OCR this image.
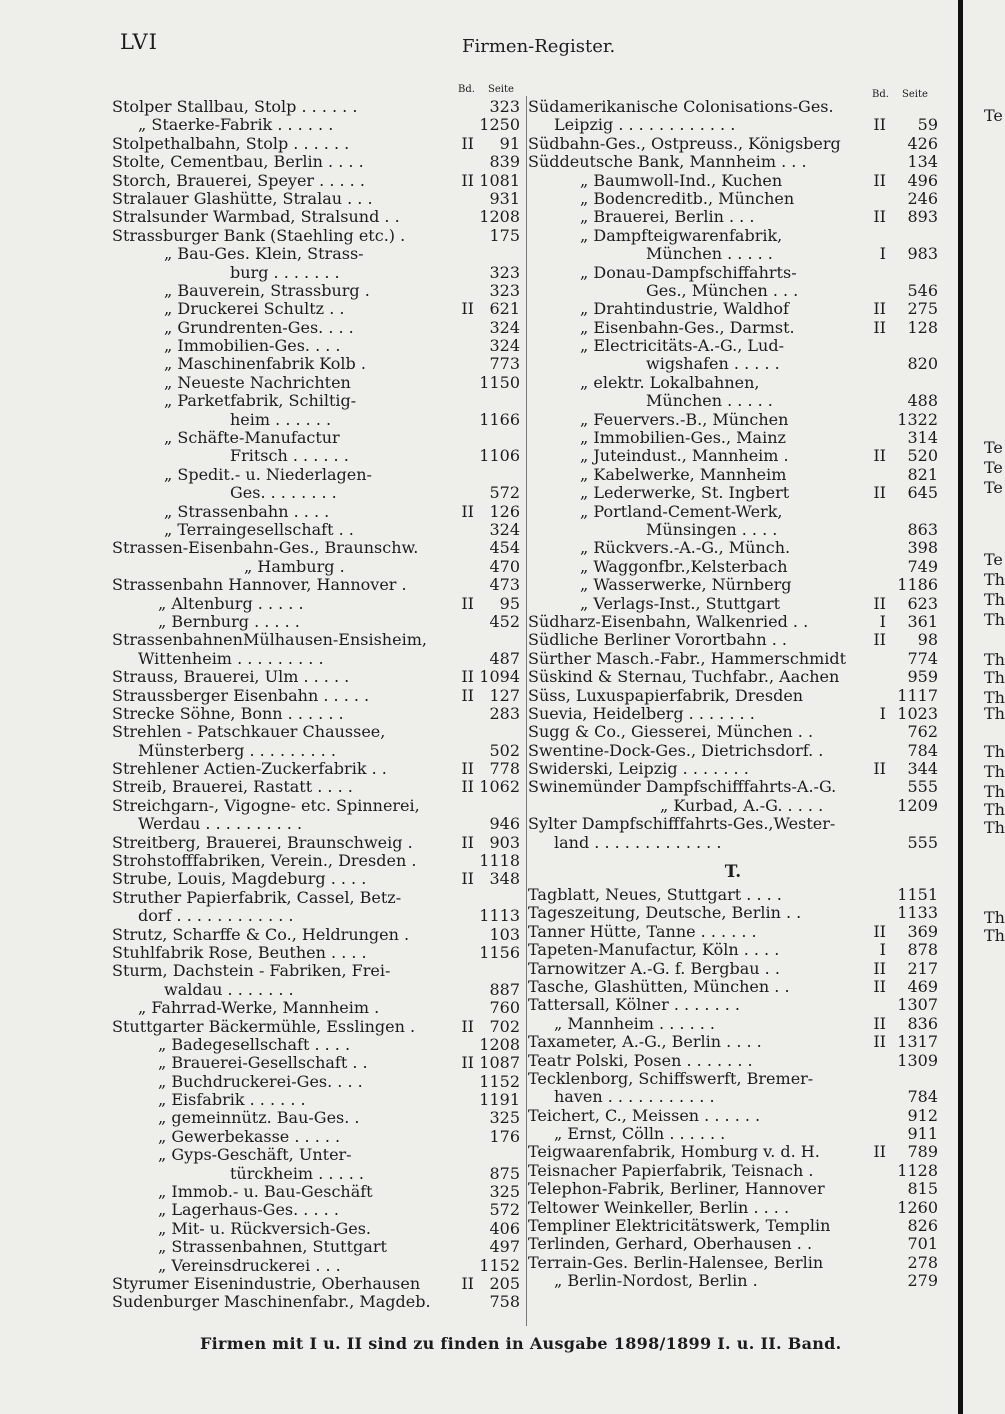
LVI	Firmen-Register.
Bd. Seite
Stolper Stallbau, Stolp . . . . . .	323
„ Staerke-Fabrik . . . . . .	1250
Stolpethalbahn, Stolp . . . . . .	II	91
Stolte, Cementbau, Berlin . . . .	839
Storch, Brauerei, Speyer . . . . .	II 1081
Stralauer Glashütte, Stralau . . .	931
Stralsunder Warmbad, Stralsund . .	1208
Strassburger Bank (Staehling etc.) .	175
„ Bau-Ges. Klein, Strass-
burg . . . . . . .	323
„ Bauverein, Strassburg .	323
„ Druckerei Schultz . .	II 621
„ Grundrenten-Ges. . . .	324
„ Immobilien-Ges. . . .	324
„ Maschinenfabrik Kolb .	773
„ Neueste Nachrichten	1150
„ Parketfabrik, Schiltig-
heim . . . . . .	1166
„ Schäfte-Manufactur
Fritsch . . . . . .	1106
„ Spedit.- u. Niederlagen-
Ges. . . . . . . .	572
„ Strassenbahn . . . .	II 126
„ Terraingesellschaft . .	324
Strassen-Eisenbahn-Ges., Braunschw.	454
„ Hamburg .	470
Strassenbahn Hannover, Hannover .	473
„ Altenburg . . . . .	II	95
„ Bernburg . . . . .	452
StrassenbahnenMülhausen-Ensisheim,
Wittenheim . . . . . . . . .	487
Strauss, Brauerei, Ulm . . . . .	II 1094
Straussberger Eisenbahn . . . . .	II 127
Strecke Söhne, Bonn . . . . . .	283
Strehlen - Patschkauer Chaussee,
Münsterberg . . . . . . . . .	502
Strehlener Actien-Zuckerfabrik . .	II 778
Streib, Brauerei, Rastatt . . . .	II 1062
Streichgarn-, Vigogne- etc. Spinnerei,
Werdau . . . . . . . . . .	946
Streitberg, Brauerei, Braunschweig .	II 903
Strohstofffabriken, Verein., Dresden .	1118
Strube, Louis, Magdeburg . . . .	II 348
Struther Papierfabrik, Cassel, Betz-
dorf . . . . . . . . . . . .	1113
Strutz, Scharffe & Co., Heldrungen .	103
Stuhlfabrik Rose, Beuthen . . . .	1156
Sturm, Dachstein - Fabriken, Frei-
waldau . . . . . . .	887
„ Fahrrad-Werke, Mannheim .	760
Stuttgarter Bäckermühle, Esslingen .	II 702
„ Badegesellschaft . . . .	1208
„ Brauerei-Gesellschaft . .	II 1087
„ Buchdruckerei-Ges. . . .	1152
„ Eisfabrik . . . . . .	1191
„ gemeinnütz. Bau-Ges. .	325
„ Gewerbekasse . . . . .	176
„ Gyps-Geschäft, Unter-
türckheim . . . . .	875
„ Immob.- u. Bau-Geschäft	325
„ Lagerhaus-Ges. . . . .	572
„ Mit- u. Rückversich-Ges.	406
„ Strassenbahnen, Stuttgart	497
„ Vereinsdruckerei . . .	1152
Styrumer Eisenindustrie, Oberhausen	II 205
Sudenburger Maschinenfabr., Magdeb.	758
Bd. Seite
Südamerikanische Colonisations-Ges.
Leipzig . . . . . . . . . . . .	II	59
Südbahn-Ges., Ostpreuss., Königsberg	426
Süddeutsche Bank, Mannheim . . .	134
„ Baumwoll-Ind., Kuchen	II	496
„ Bodencreditb., München	246
„ Brauerei, Berlin . . .	II	893
„ Dampfteigwarenfabrik,
München . . . . .	I	983
„ Donau-Dampfschiffahrts-
Ges., München . . .	546
„ Drahtindustrie, Waldhof	II	275
„ Eisenbahn-Ges., Darmst.	II	128
„ Electricitäts-A.-G., Lud-
wigshafen . . . . .	820
„ elektr. Lokalbahnen,
München . . . . .	488
„ Feuervers.-B., München	1322
„ Immobilien-Ges., Mainz	314
„ Juteindust., Mannheim .	II	520
„ Kabelwerke, Mannheim	821
„ Lederwerke, St. Ingbert	II	645
„ Portland-Cement-Werk,
Münsingen . . . .	863
„ Rückvers.-A.-G., Münch.	398
„ Waggonfbr.,Kelsterbach	749
„ Wasserwerke, Nürnberg	1186
„ Verlags-Inst., Stuttgart	II	623
Südharz-Eisenbahn, Walkenried . .	I	361
Südliche Berliner Vorortbahn . .	II	98
Sürther Masch.-Fabr., Hammerschmidt	774
Süskind & Sternau, Tuchfabr., Aachen	959
Süss, Luxuspapierfabrik, Dresden	1117
Suevia, Heidelberg . . . . . . .	I 1023
Sugg & Co., Giesserei, München . .	762
Swentine-Dock-Ges., Dietrichsdorf. .	784
Swiderski, Leipzig . . . . . . .	II	344
Swinemünder Dampfschifffahrts-A.-G.	555
„ Kurbad, A.-G. . . . .	1209
Sylter Dampfschifffahrts-Ges.,Wester-
land . . . . . . . . . . . . .	555
T.
Tagblatt, Neues, Stuttgart . . . .	1151
Tageszeitung, Deutsche, Berlin . .	1133
Tanner Hütte, Tanne . . . . . .	II	369
Tapeten-Manufactur, Köln . . . .	I	878
Tarnowitzer A.-G. f. Bergbau . .	II	217
Tasche, Glashütten, München . .	II	469
Tattersall, Kölner . . . . . . .	1307
„ Mannheim . . . . . .	II	836
Taxameter, A.-G., Berlin . . . .	II 1317
Teatr Polski, Posen . . . . . . .	1309
Tecklenborg, Schiffswerft, Bremer-
haven . . . . . . . . . . .	784
Teichert, C., Meissen . . . . . .	912
„ Ernst, Cölln . . . . . .	911
Teigwaarenfabrik, Homburg v. d. H.	II	789
Teisnacher Papierfabrik, Teisnach .	1128
Telephon-Fabrik, Berliner, Hannover	815
Teltower Weinkeller, Berlin . . . .	1260
Templiner Elektricitätswerk, Templin	826
Terlinden, Gerhard, Oberhausen . .	701
Terrain-Ges. Berlin-Halensee, Berlin	278
„ Berlin-Nordost, Berlin .	279
Firmen mit I u. II sind zu finden in Ausgabe 1898/1899 I. u. II. Band.
Te
Te
Te
Te
Te
Th
Th
Th
Th
Th
Th
Th
Th
Th
Th
Th
Th
Th
Th
